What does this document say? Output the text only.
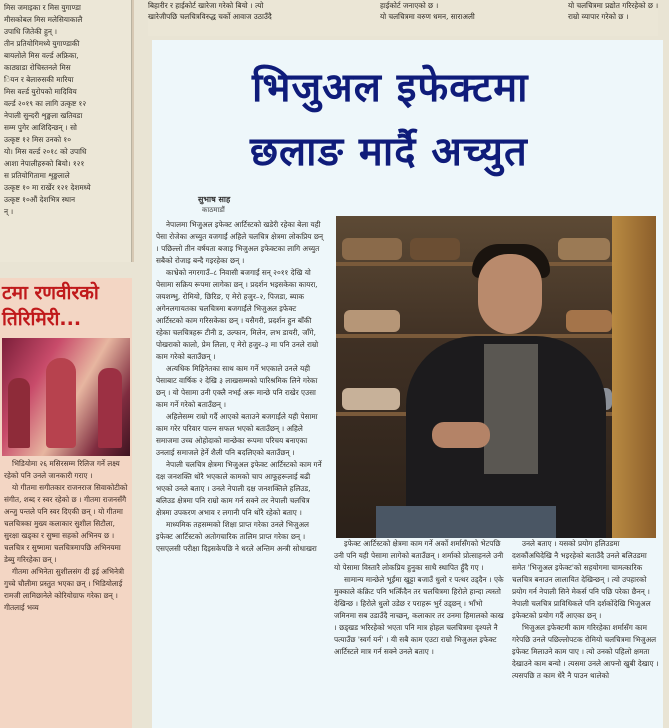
मिस जमाइका र मिस युगाण्डा

मीसकोबल मिस मलेसियाकालै

उपाधि जितेकी हुन् ।

तीन प्रतियोगिमध्ये युगाण्डाकी

बायलोले मिस वर्ल्ड अफ्रिका,

काठ्याडा रोचिस्तनले मिस

ियन र बेलारुसकी मारिया

मिस वर्ल्ड युरोपको मादिविय

वर्ल्ड २०१९ का लागि उत्कृष्ट १२

नेपाली सुन्दरी शृङ्खला खतिवडा

सम्म पुगेर आशिदिन्छन् । सो

उत्कृष्ट १२ मिस उनको १०

यो। मिस वर्ल्ड २०१८ को उपाधि

आशा नेपालीहरुको बियो। १२१

स प्रतियोगितामा शृङ्खलाले

उत्कृष्ट १० मा रार्खेर १२१ देशमध्ये

उत्कृष्ट १०औं देशभित्र स्थान

न् ।

बिहारीर र हाईकोर्ट खारेजा गरेको बियो । त्यो
खारेजीपछि चलचित्रविरुद्ध चर्को आवाज उठाउँदै
हाईकोर्ट जनाएको छ ।
यो चलचित्रमा वरुण धमन, साराअली
यो चलचित्रमा प्रद्योत गरिरहेको छ ।
राम्रो व्यापार गरेको छ ।
टमा रणवीरको
तिरिमिरी...

भिडियोमा २६ मसिरसम्म रिलिज गर्ने लक्ष्य रहेको पनि उनले जानकारी गराए ।

यो गीतमा सगीतकार राजनराज सिवाकोटीको संगीत, शब्द र स्वर रहेको छ । गीतमा राजनसँगै अन्जु पन्तले पनि स्वर दिएकी छन् । यो गीतमा चलचित्रका मुख्य कलाकार सुशील सिटौला, सुरक्षा खड्का र सुष्मा सहको अभिनय छ । चलचित्र र सुष्मामा चलचित्रमापछि अभिनयमा डेब्यु गरिरहेका छन् ।

गीतमा अभिनेता सुशीलसंग दी इई अभिनेत्री गुच्चे चौलीमा प्रस्तुत भएका छन् । भिडियोलाई रामजी लामिछानेले कोरियोग्राफ गरेका छन् । गीतलाई भव्य

भिजुअल इफेक्टमा
छलाङ मार्दै अच्युत
सुभाष साह
काठमाडौं

नेपालमा भिजुअल इफेक्ट आर्टिस्टको खडेरी रहेका बेला यही पेसा रोजेका अच्युत वजगाईं अहिले चलचित्र क्षेत्रमा लोकप्रिय छन् । पछिल्लो तीन वर्षयता बजाइ भिजुअल इफेक्टका लागि अच्युत सबैको रोजाइ बन्दै गइरहेका छन् ।

काभ्रेको नगरगाउँ–८ निवासी बजगाईं सन् २०११ देखि यो पेसामा सक्रिय रूपमा लागेका छन् । प्रदर्शन भइसकेका कायरा, जयशम्भु, रोमियो, छिरिङ, ए मेरो हजुर–२, पिजडा, ब्याक अगेनलगायतका चलचित्रमा बजगाईंले भिजुअल इफेक्ट आर्टिस्टको काम गरिसकेका छन् । यसैगरी, प्रदर्शन हुन बाँकी रहेका चलचित्रहरू टीनी ड, उल्फान, मिलेन, लभ डायरी, जाँगे, पोखराको कालो, प्रेम लिला, ए मेरो हजुर–३ मा पनि उनले राम्रो काम गरेको बताउँछन् ।

अत्यधिक मिहिनेतका साथ काम गर्ने भएकाले उनले यही पेसाबाट वार्षिक २ देखि ३ लाखसम्मको पारिश्रमिक लिने गरेका छन् । यो पेसामा उनी एक्लै नभई अरू मान्छे पनि राखेर एउसा काम गर्ने गरेको बताउँछन् ।

अहिलेसम्म राम्रो गर्दै आएको बताउने बजगाईंले यही पेसामा काम गरेर परिवार पाल्न सफल भएको बताउँछन् । अहिले समाजमा उच्च ओहोदाको मान्छेका रूपमा परिचय बनाएका उनलाई समाजले हेर्ने शैली पनि बदलिएको बताउँछन् ।

नेपाली चलचित्र क्षेत्रमा भिजुअल इफेक्ट आर्टिस्टको काम गर्ने दक्ष जनशक्ति थोरै भएकाले कामको चाप आफूहरूलाई बढी भएको उनले बताए । उनले नेपाली दक्ष जनशक्तिले हलिउड, बलिउड क्षेत्रमा पनि राम्रो काम गर्न सक्ने तर नेपाली चलचित्र क्षेत्रमा उपकरण अभाव र लगानी पनि थोरै रहेको बताए ।

माध्यमिक तहसम्मको शिक्षा प्राप्त गरेका उनले भिजुअल इफेक्ट आर्टिस्टको अतोगचारिक तालिम प्राप्त गरेका छन् । एसएलसी परीक्षा दिइसकेपछि ने धरले अन्तिम अन्त्री सोधाखरा

इफेक्ट आर्टिस्टको क्षेत्रमा काम गर्ने अर्को शर्मासँगको भेटपछि उनी पनि यही पेसामा लागेको बताउँछन् । शर्माको प्रोत्साहनले उनी यो पेसामा विस्तारै लोकप्रिय हुनुका साथै स्थापित हुँदै गए ।

सामान्य मान्छेले भूईंमा खुट्टा बजाउँ धुलो र पत्थर उड्दैन । एके मुक्काले कंक्रिट पनि भत्किँदैन तर चलचित्रमा हिरोले हान्दा त्यस्तो देखिन्छ । हिरोले धुलो उडेछ र पराहरू भुर्र उड्छन् । भाँभो जमिनमा सब उडाउँदै नाच्छन्, कलाकार तर उनमा हिमालको काख । छड्खड भरिरहेको भएता पनि मात्र होहल चलचित्रमा दृश्यले नै पत्याउँछ 'स्वर्ग यर्न' । यी सबै काम एउटा राम्रो भिजुअल इफेक्ट आर्टिस्टले मात्र गर्न सक्ने उनले बताए ।

उनले बताए । यसको प्रयोग हलिउडमा दशकौंअघिदेखि नै भइरहेको बताउँदै उनले बलिउडमा समेत 'भिजुअल इफेक्ट'को सहयोगमा चामत्कारिक चलचित्र बनाउन लालायित देखिन्छन् । त्यो उपहारको प्रयोग गर्न नेपाली सिने मेकर्स पनि पछि परेका छैनन् । नेपाली चलचित्र प्राविधिकले पनि दर्शकोंदेखि भिजुअल इफेक्टको प्रयोग गर्दै आएका छन् ।

भिजुअल इफेक्टमी काम गरिरहेका शर्मासँग काम गरेपछि उनले पछिल्लोपटक रोमियो चलचित्रमा भिजुअल इफेक्ट मिलाउने काम पाए । त्यो उनको पहिलो क्षमता देखाउने काम बन्यो । त्यसमा उनले आफ्नो खुबी देखाए । त्यसपछि त काम धेरै नै पाउन थालेको
